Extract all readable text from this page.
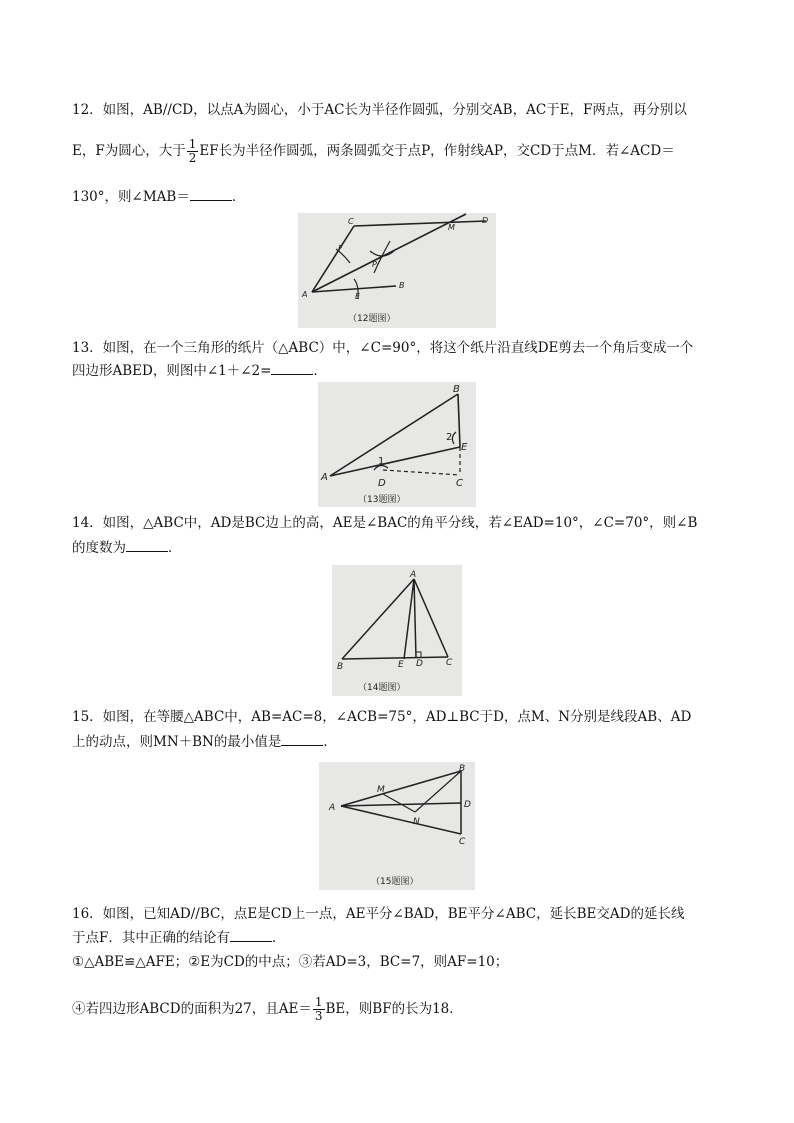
12．如图，AB//CD，以点A为圆心，小于AC长为半径作圆弧，分别交AB，AC于E，F两点，再分别以
E，F为圆心，大于 $\frac{1}{2}$ EF长为半径作圆弧，两条圆弧交于点P，作射线AP，交CD于点M．若∠ACD＝
130°，则∠MAB＝	．
A
B
C	D
E
F
M
P
（12题图）
13．如图，在一个三角形的纸片（△ABC）中，∠C=90°，将这个纸片沿直线DE剪去一个角后变成一个
四边形ABED，则图中∠1＋∠2=	．
A
B
C
D
E
1
2
（13题图）
14．如图，△ABC中，AD是BC边上的高，AE是∠BAC的角平分线，若∠EAD=10°，∠C=70°，则∠B
的度数为	．
A
B	C
D
E
（14题图）
15．如图，在等腰△ABC中，AB=AC=8，∠ACB=75°，AD⊥BC于D，点M、N分别是线段AB、AD
上的动点，则MN＋BN的最小值是	．
A
B
C
D
M
N
（15题图）
16．如图，已知AD//BC，点E是CD上一点，AE平分∠BAD，BE平分∠ABC，延长BE交AD的延长线
于点F．其中正确的结论有	．
①△ABE≌△AFE；②E为CD的中点；③若AD=3，BC=7，则AF=10；
④若四边形ABCD的面积为27，且$AE= \frac{1}{3}$ BE，则BF的长为18．
